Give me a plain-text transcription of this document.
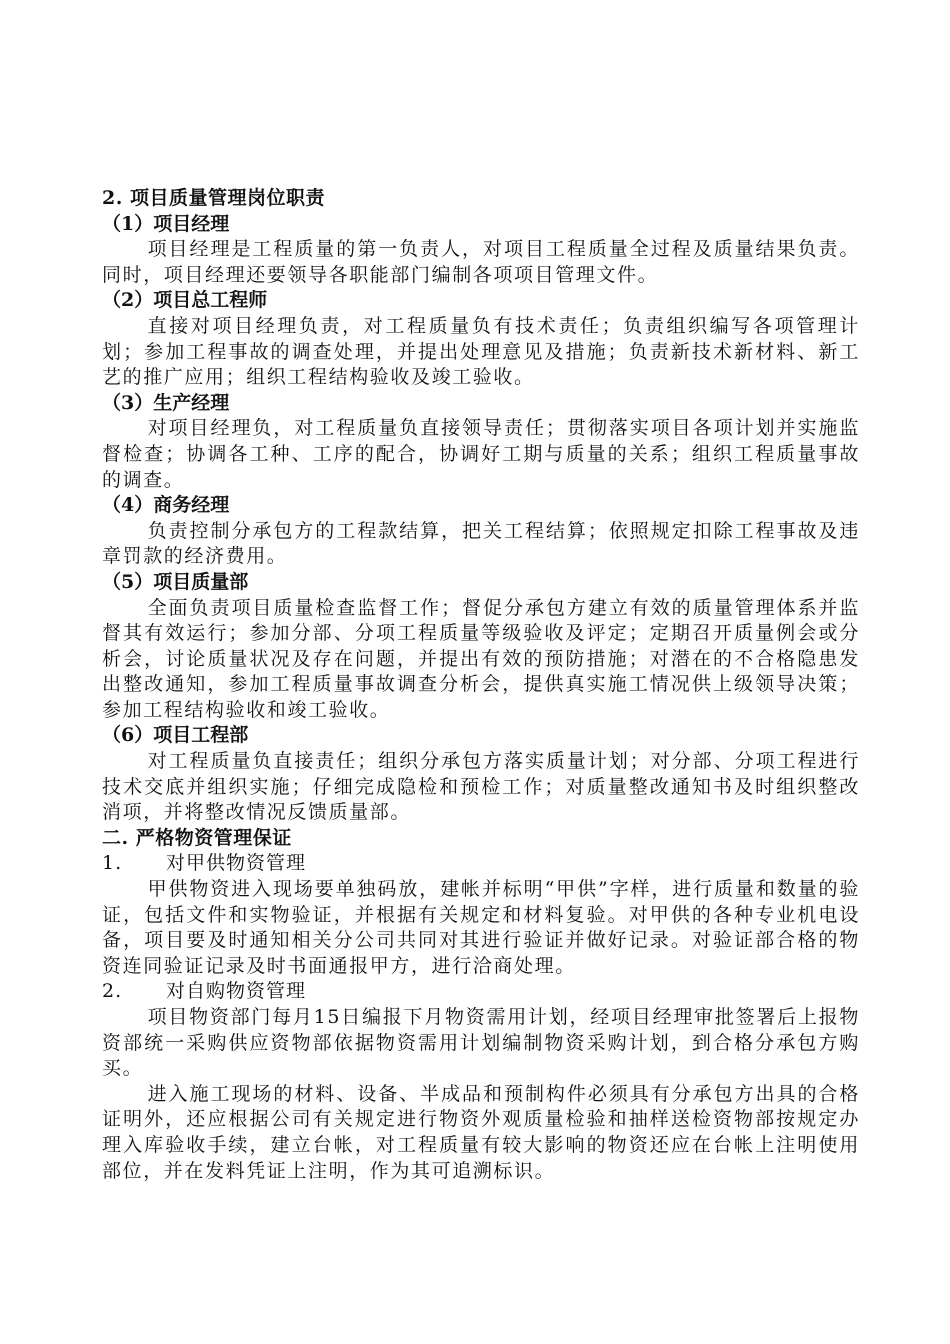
2. 项目质量管理岗位职责

（1）项目经理

项目经理是工程质量的第一负责人，对项目工程质量全过程及质量结果负责。同时，项目经理还要领导各职能部门编制各项项目管理文件。

（2）项目总工程师

直接对项目经理负责，对工程质量负有技术责任；负责组织编写各项管理计划；参加工程事故的调查处理，并提出处理意见及措施；负责新技术新材料、新工艺的推广应用；组织工程结构验收及竣工验收。

（3）生产经理

对项目经理负，对工程质量负直接领导责任；贯彻落实项目各项计划并实施监督检查；协调各工种、工序的配合，协调好工期与质量的关系；组织工程质量事故的调查。

（4）商务经理

负责控制分承包方的工程款结算，把关工程结算；依照规定扣除工程事故及违章罚款的经济费用。

（5）项目质量部

全面负责项目质量检查监督工作；督促分承包方建立有效的质量管理体系并监督其有效运行；参加分部、分项工程质量等级验收及评定；定期召开质量例会或分析会，讨论质量状况及存在问题，并提出有效的预防措施；对潜在的不合格隐患发出整改通知，参加工程质量事故调查分析会，提供真实施工情况供上级领导决策；参加工程结构验收和竣工验收。

（6）项目工程部

对工程质量负直接责任；组织分承包方落实质量计划；对分部、分项工程进行技术交底并组织实施；仔细完成隐检和预检工作；对质量整改通知书及时组织整改消项，并将整改情况反馈质量部。

二. 严格物资管理保证

1. 对甲供物资管理

甲供物资进入现场要单独码放，建帐并标明“甲供”字样，进行质量和数量的验证，包括文件和实物验证，并根据有关规定和材料复验。对甲供的各种专业机电设备，项目要及时通知相关分公司共同对其进行验证并做好记录。对验证部合格的物资连同验证记录及时书面通报甲方，进行洽商处理。

2. 对自购物资管理

项目物资部门每月15日编报下月物资需用计划，经项目经理审批签署后上报物资部统一采购供应资物部依据物资需用计划编制物资采购计划，到合格分承包方购买。

进入施工现场的材料、设备、半成品和预制构件必须具有分承包方出具的合格证明外，还应根据公司有关规定进行物资外观质量检验和抽样送检资物部按规定办理入库验收手续，建立台帐，对工程质量有较大影响的物资还应在台帐上注明使用部位，并在发料凭证上注明，作为其可追溯标识。
